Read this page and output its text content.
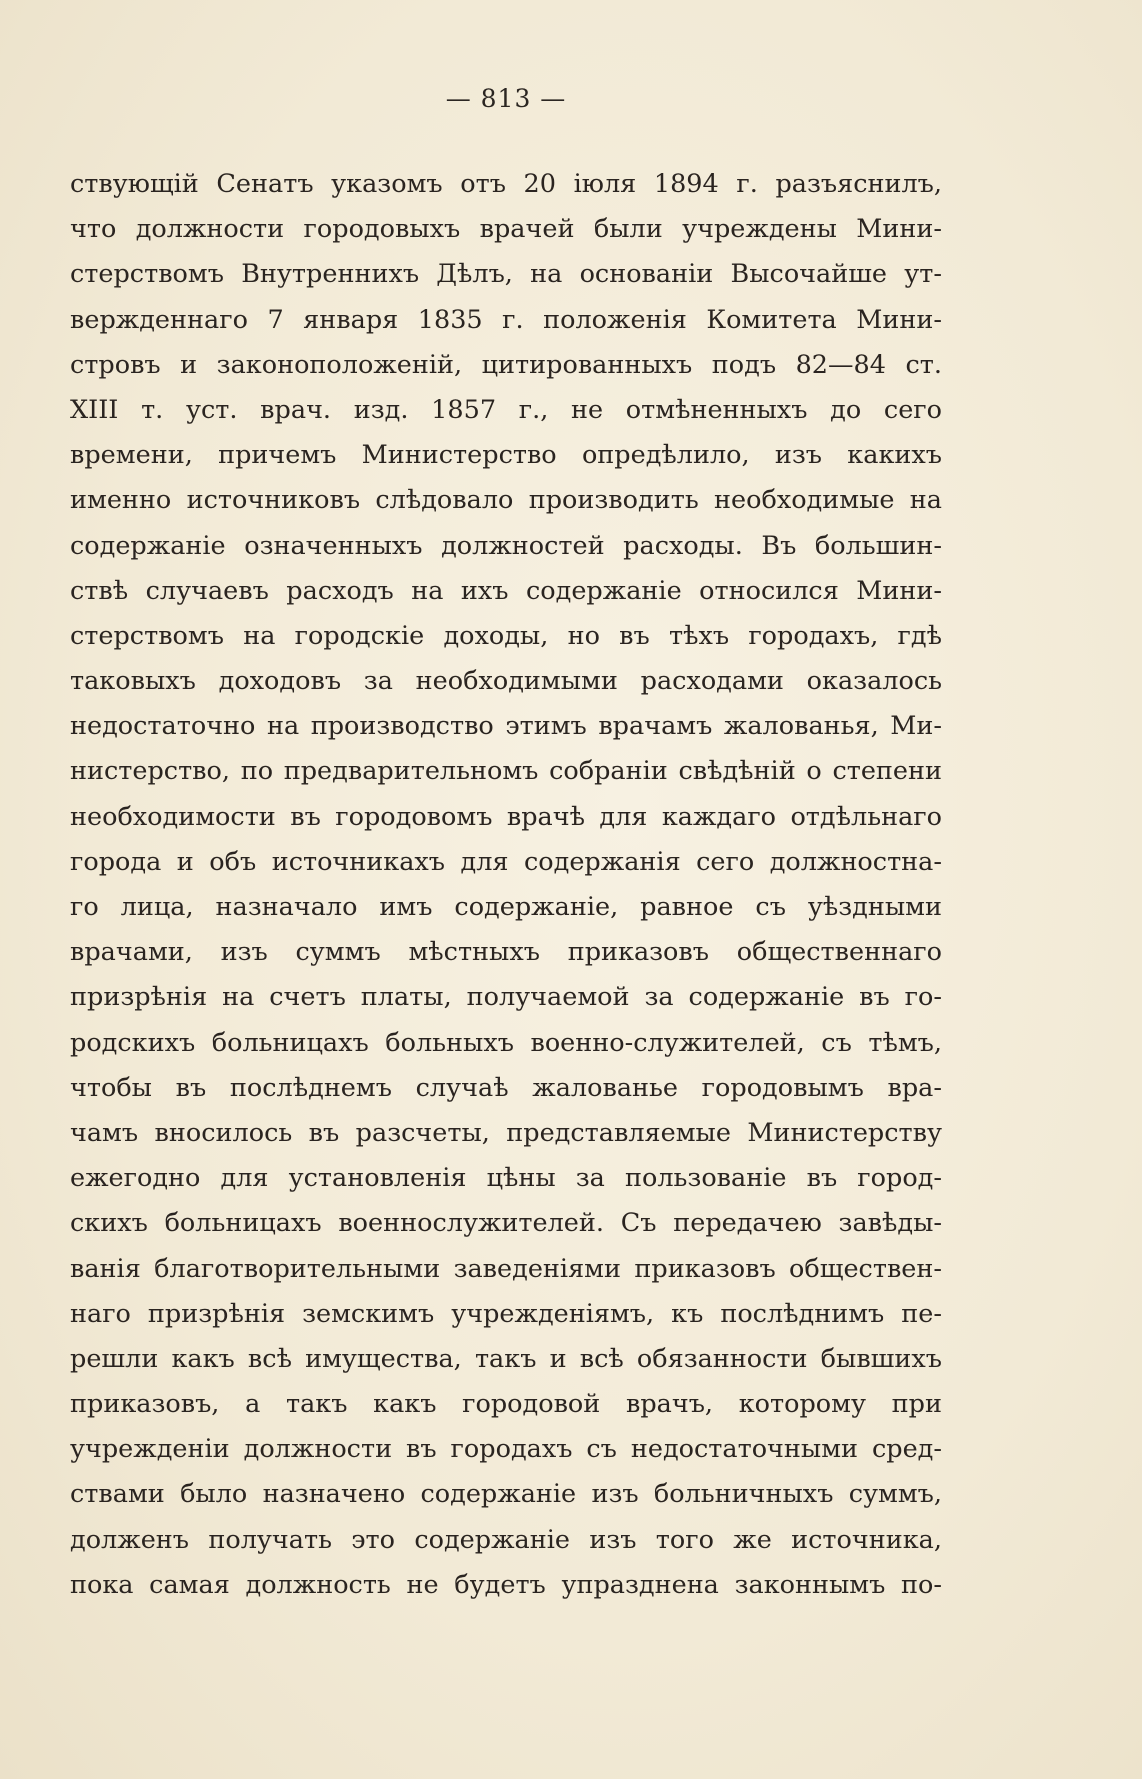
— 813 —
ствующій Сенатъ указомъ отъ 20 іюля 1894 г. разъяснилъ,
что должности городовыхъ врачей были учреждены Мини-
стерствомъ Внутреннихъ Дѣлъ, на основаніи Высочайше ут-
вержденнаго 7 января 1835 г. положенія Комитета Мини-
стровъ и законоположеній, цитированныхъ подъ 82—84 ст.
XIII т. уст. врач. изд. 1857 г., не отмѣненныхъ до сего
времени, причемъ Министерство опредѣлило, изъ какихъ
именно источниковъ слѣдовало производить необходимые на
содержаніе означенныхъ должностей расходы. Въ большин-
ствѣ случаевъ расходъ на ихъ содержаніе относился Мини-
стерствомъ на городскіе доходы, но въ тѣхъ городахъ, гдѣ
таковыхъ доходовъ за необходимыми расходами оказалось
недостаточно на производство этимъ врачамъ жалованья, Ми-
нистерство, по предварительномъ собраніи свѣдѣній о степени
необходимости въ городовомъ врачѣ для каждаго отдѣльнаго
города и объ источникахъ для содержанія сего должностна-
го лица, назначало имъ содержаніе, равное съ уѣздными
врачами, изъ суммъ мѣстныхъ приказовъ общественнаго
призрѣнія на счетъ платы, получаемой за содержаніе въ го-
родскихъ больницахъ больныхъ военно-служителей, съ тѣмъ,
чтобы въ послѣднемъ случаѣ жалованье городовымъ вра-
чамъ вносилось въ разсчеты, представляемые Министерству
ежегодно для установленія цѣны за пользованіе въ город-
скихъ больницахъ военнослужителей. Съ передачею завѣды-
ванія благотворительными заведеніями приказовъ обществен-
наго призрѣнія земскимъ учрежденіямъ, къ послѣднимъ пе-
решли какъ всѣ имущества, такъ и всѣ обязанности бывшихъ
приказовъ, а такъ какъ городовой врачъ, которому при
учрежденіи должности въ городахъ съ недостаточными сред-
ствами было назначено содержаніе изъ больничныхъ суммъ,
долженъ получать это содержаніе изъ того же источника,
пока самая должность не будетъ упразднена законнымъ по-
